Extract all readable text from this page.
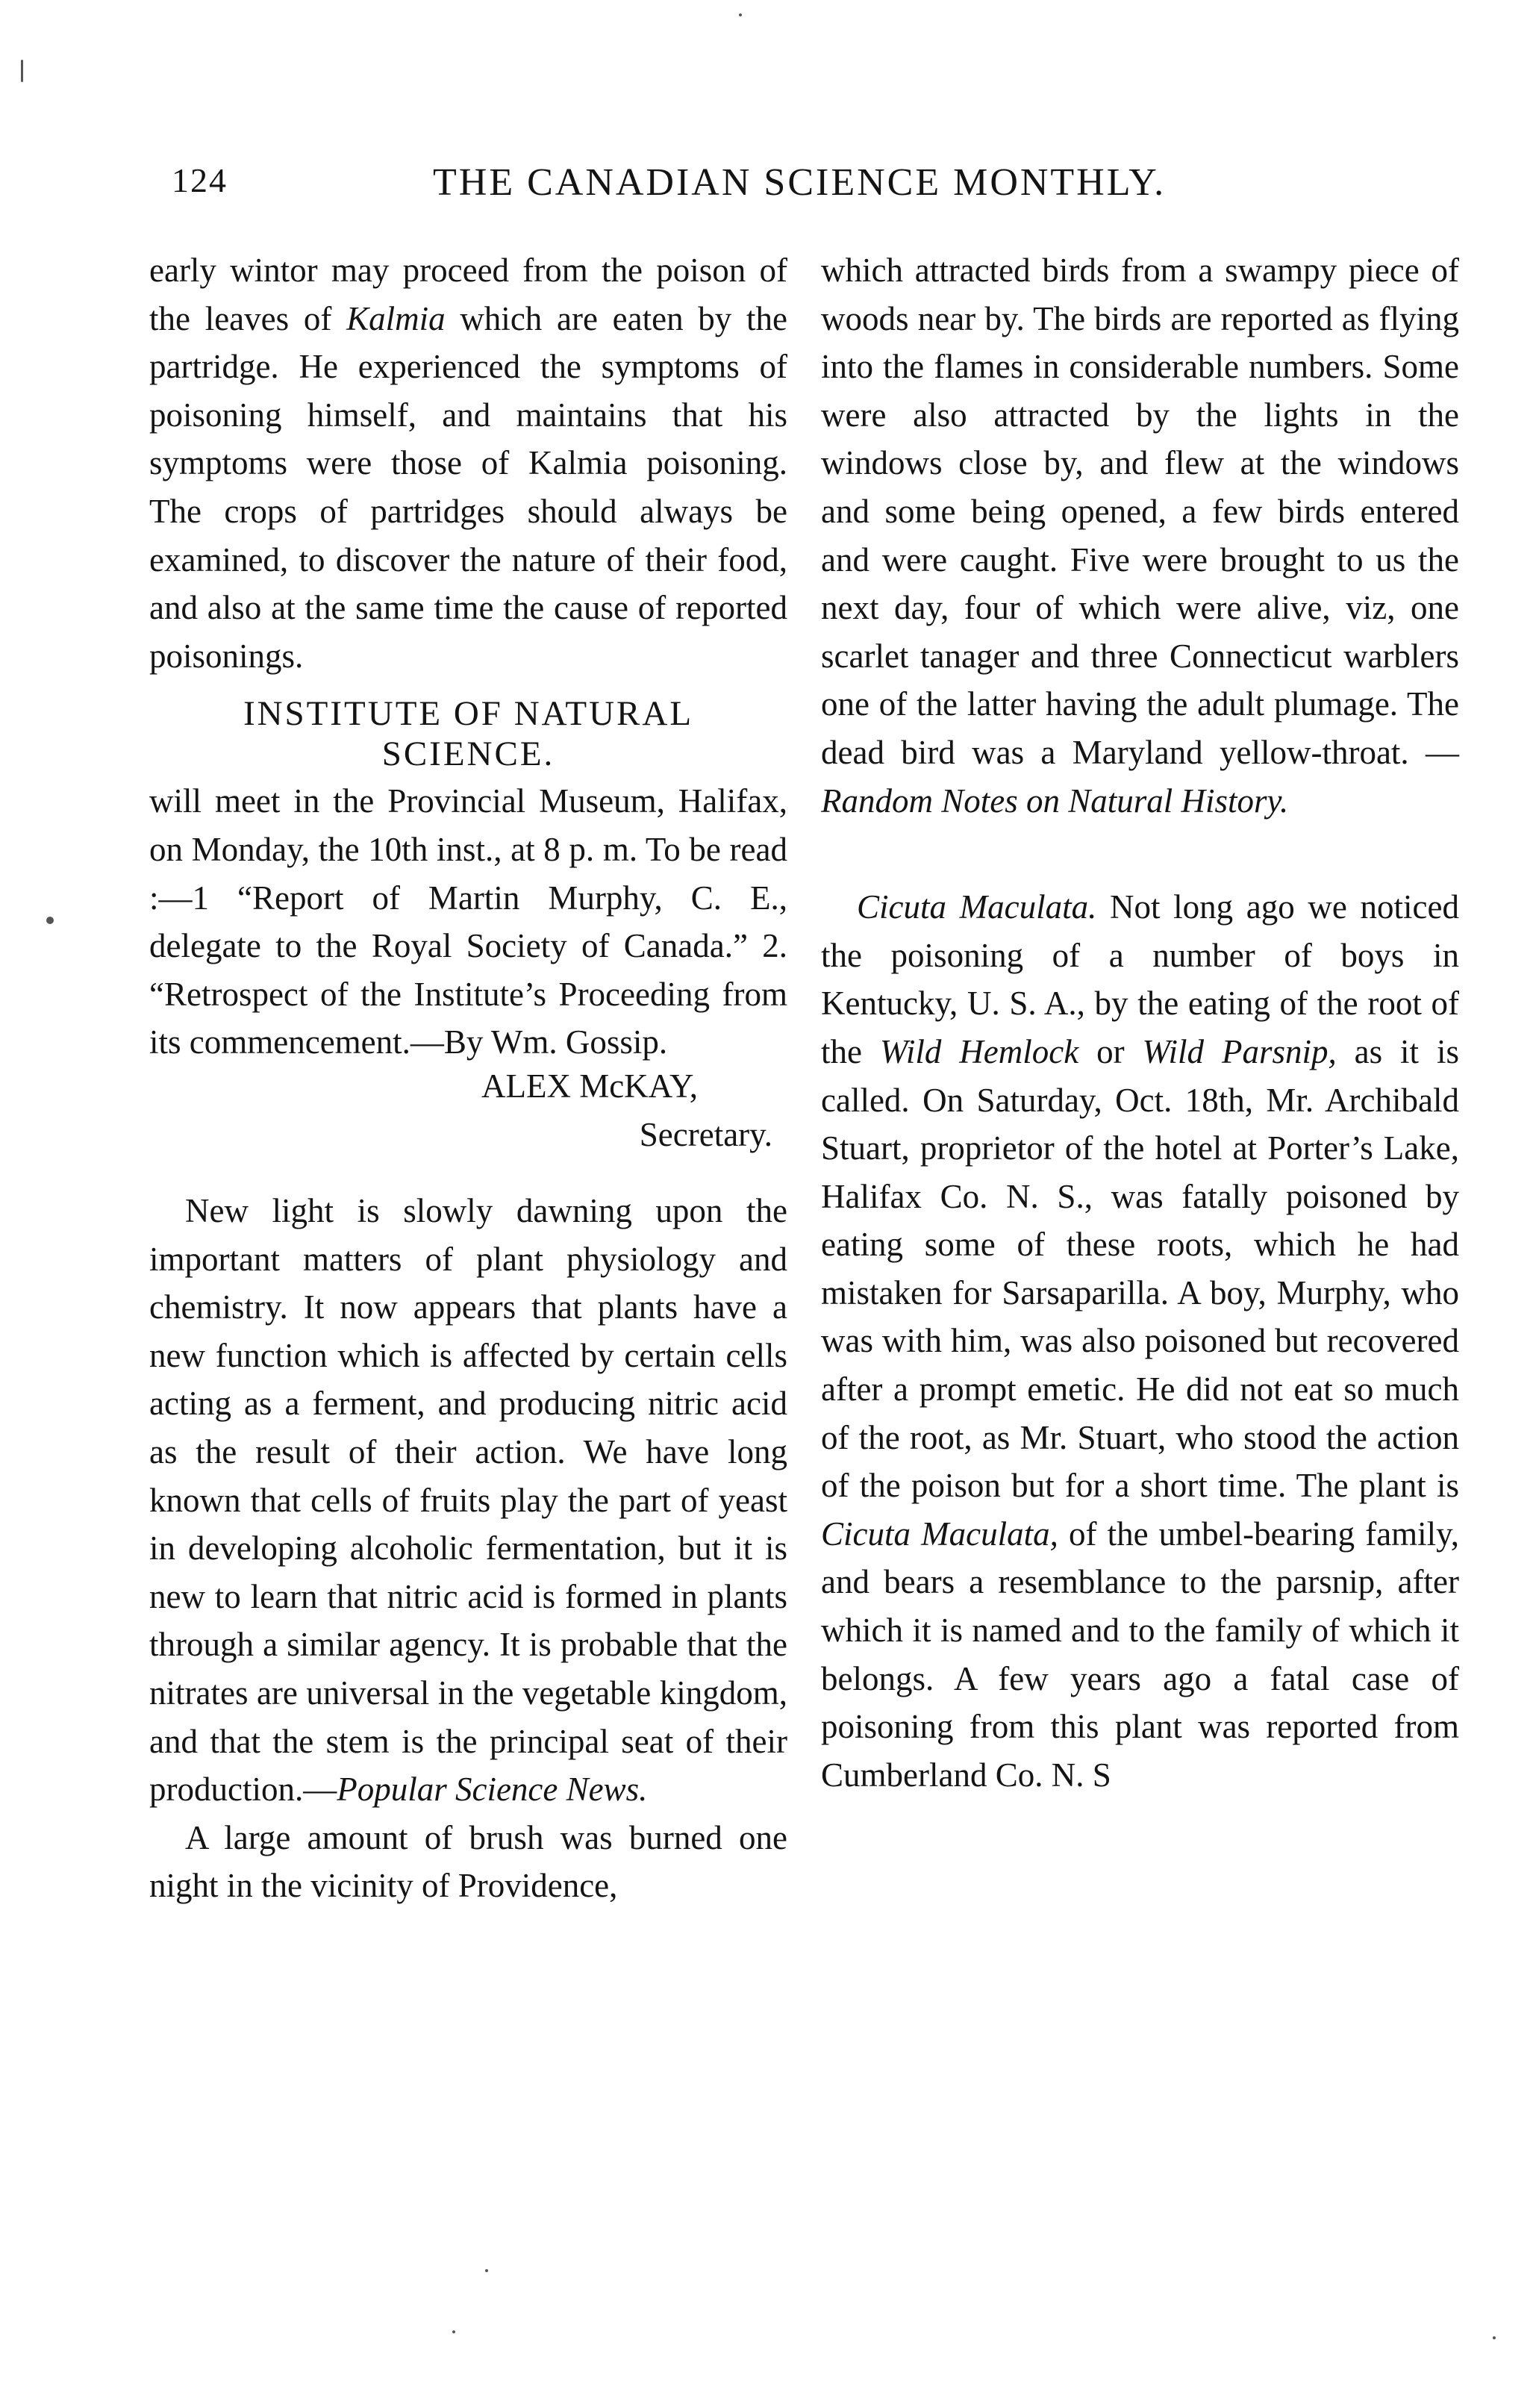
124	THE CANADIAN SCIENCE MONTHLY.

early wintor may proceed from the poison of the leaves of Kalmia which are eaten by the partridge. He experienced the symptoms of poisoning himself, and maintains that his symptoms were those of Kalmia poisoning. The crops of partridges should always be examined, to discover the nature of their food, and also at the same time the cause of reported poisonings.

INSTITUTE OF NATURAL
SCIENCE.

will meet in the Provincial Museum, Halifax, on Monday, the 10th inst., at 8 p. m. To be read :—1 “Report of Martin Murphy, C. E., delegate to the Royal Society of Canada.” 2. “Retrospect of the Institute’s Proceeding from its commencement.—By Wm. Gossip.

ALEX McKAY,

Secretary.

New light is slowly dawning upon the important matters of plant physiology and chemistry. It now appears that plants have a new function which is affected by certain cells acting as a ferment, and producing nitric acid as the result of their action. We have long known that cells of fruits play the part of yeast in developing alcoholic fermentation, but it is new to learn that nitric acid is formed in plants through a similar agency. It is probable that the nitrates are universal in the vegetable kingdom, and that the stem is the principal seat of their production.—Popular Science News.

A large amount of brush was burned one night in the vicinity of Providence,

which attracted birds from a swampy piece of woods near by. The birds are reported as flying into the flames in considerable numbers. Some were also attracted by the lights in the windows close by, and flew at the windows and some being opened, a few birds entered and were caught. Five were brought to us the next day, four of which were alive, viz, one scarlet tanager and three Connecticut warblers one of the latter having the adult plumage. The dead bird was a Maryland yellow-throat. — Random Notes on Natural History.

Cicuta Maculata. Not long ago we noticed the poisoning of a number of boys in Kentucky, U. S. A., by the eating of the root of the Wild Hemlock or Wild Parsnip, as it is called. On Saturday, Oct. 18th, Mr. Archibald Stuart, proprietor of the hotel at Porter’s Lake, Halifax Co. N. S., was fatally poisoned by eating some of these roots, which he had mistaken for Sarsaparilla. A boy, Murphy, who was with him, was also poisoned but recovered after a prompt emetic. He did not eat so much of the root, as Mr. Stuart, who stood the action of the poison but for a short time. The plant is Cicuta Maculata, of the umbel-bearing family, and bears a resemblance to the parsnip, after which it is named and to the family of which it belongs. A few years ago a fatal case of poisoning from this plant was reported from Cumberland Co. N. S
